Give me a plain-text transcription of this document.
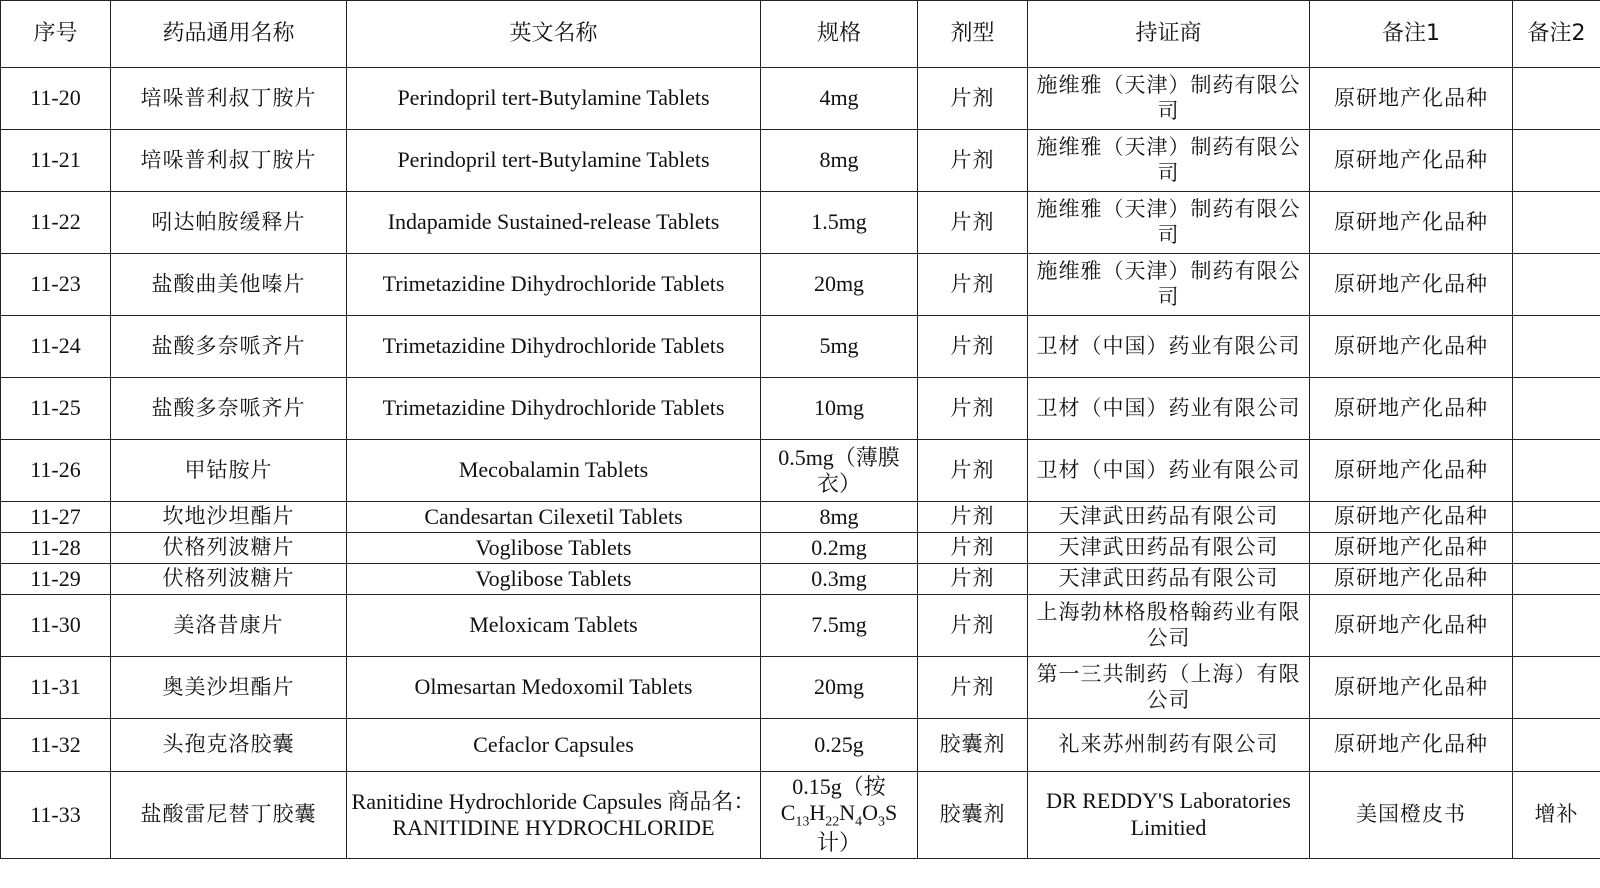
序号	药品通用名称	英文名称	规格	剂型	持证商	备注1	备注2
11-20	培哚普利叔丁胺片	Perindopril tert-Butylamine Tablets	4mg	片剂	施维雅（天津）制药有限公司	原研地产化品种	
11-21	培哚普利叔丁胺片	Perindopril tert-Butylamine Tablets	8mg	片剂	施维雅（天津）制药有限公司	原研地产化品种	
11-22	吲达帕胺缓释片	Indapamide Sustained-release Tablets	1.5mg	片剂	施维雅（天津）制药有限公司	原研地产化品种	
11-23	盐酸曲美他嗪片	Trimetazidine Dihydrochloride Tablets	20mg	片剂	施维雅（天津）制药有限公司	原研地产化品种	
11-24	盐酸多奈哌齐片	Trimetazidine Dihydrochloride Tablets	5mg	片剂	卫材（中国）药业有限公司	原研地产化品种	
11-25	盐酸多奈哌齐片	Trimetazidine Dihydrochloride Tablets	10mg	片剂	卫材（中国）药业有限公司	原研地产化品种	
11-26	甲钴胺片	Mecobalamin Tablets	0.5mg（薄膜衣）	片剂	卫材（中国）药业有限公司	原研地产化品种	
11-27	坎地沙坦酯片	Candesartan Cilexetil Tablets	8mg	片剂	天津武田药品有限公司	原研地产化品种	
11-28	伏格列波糖片	Voglibose Tablets	0.2mg	片剂	天津武田药品有限公司	原研地产化品种	
11-29	伏格列波糖片	Voglibose Tablets	0.3mg	片剂	天津武田药品有限公司	原研地产化品种	
11-30	美洛昔康片	Meloxicam Tablets	7.5mg	片剂	上海勃林格殷格翰药业有限公司	原研地产化品种	
11-31	奥美沙坦酯片	Olmesartan Medoxomil Tablets	20mg	片剂	第一三共制药（上海）有限公司	原研地产化品种	
11-32	头孢克洛胶囊	Cefaclor Capsules	0.25g	胶囊剂	礼来苏州制药有限公司	原研地产化品种	
11-33	盐酸雷尼替丁胶囊	Ranitidine Hydrochloride Capsules 商品名：RANITIDINE HYDROCHLORIDE	0.15g（按$C_{13}H_{22}N_4O_3S$计）	胶囊剂	DR REDDY'S Laboratories Limitied	美国橙皮书	增补
